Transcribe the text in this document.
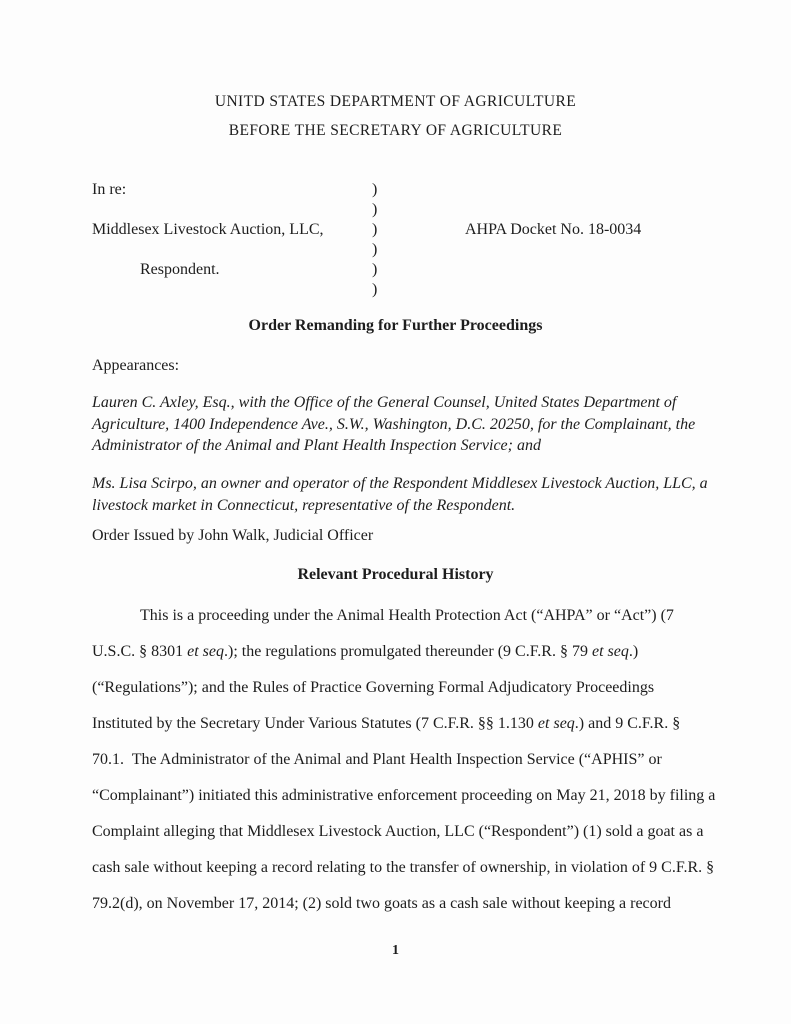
UNITD STATES DEPARTMENT OF AGRICULTURE
BEFORE THE SECRETARY OF AGRICULTURE
In re:	)
)
Middlesex Livestock Auction, LLC,	)	AHPA Docket No. 18-0034
)
Respondent.	)
)
Order Remanding for Further Proceedings
Appearances:
Lauren C. Axley, Esq., with the Office of the General Counsel, United States Department of
Agriculture, 1400 Independence Ave., S.W., Washington, D.C. 20250, for the Complainant, the
Administrator of the Animal and Plant Health Inspection Service; and
Ms. Lisa Scirpo, an owner and operator of the Respondent Middlesex Livestock Auction, LLC, a
livestock market in Connecticut, representative of the Respondent.
Order Issued by John Walk, Judicial Officer
Relevant Procedural History
This is a proceeding under the Animal Health Protection Act (“AHPA” or “Act”) (7
U.S.C. § 8301 et seq.); the regulations promulgated thereunder (9 C.F.R. § 79 et seq.)
(“Regulations”); and the Rules of Practice Governing Formal Adjudicatory Proceedings
Instituted by the Secretary Under Various Statutes (7 C.F.R. §§ 1.130 et seq.) and 9 C.F.R. §
70.1.  The Administrator of the Animal and Plant Health Inspection Service (“APHIS” or
“Complainant”) initiated this administrative enforcement proceeding on May 21, 2018 by filing a
Complaint alleging that Middlesex Livestock Auction, LLC (“Respondent”) (1) sold a goat as a
cash sale without keeping a record relating to the transfer of ownership, in violation of 9 C.F.R. §
79.2(d), on November 17, 2014; (2) sold two goats as a cash sale without keeping a record
1
